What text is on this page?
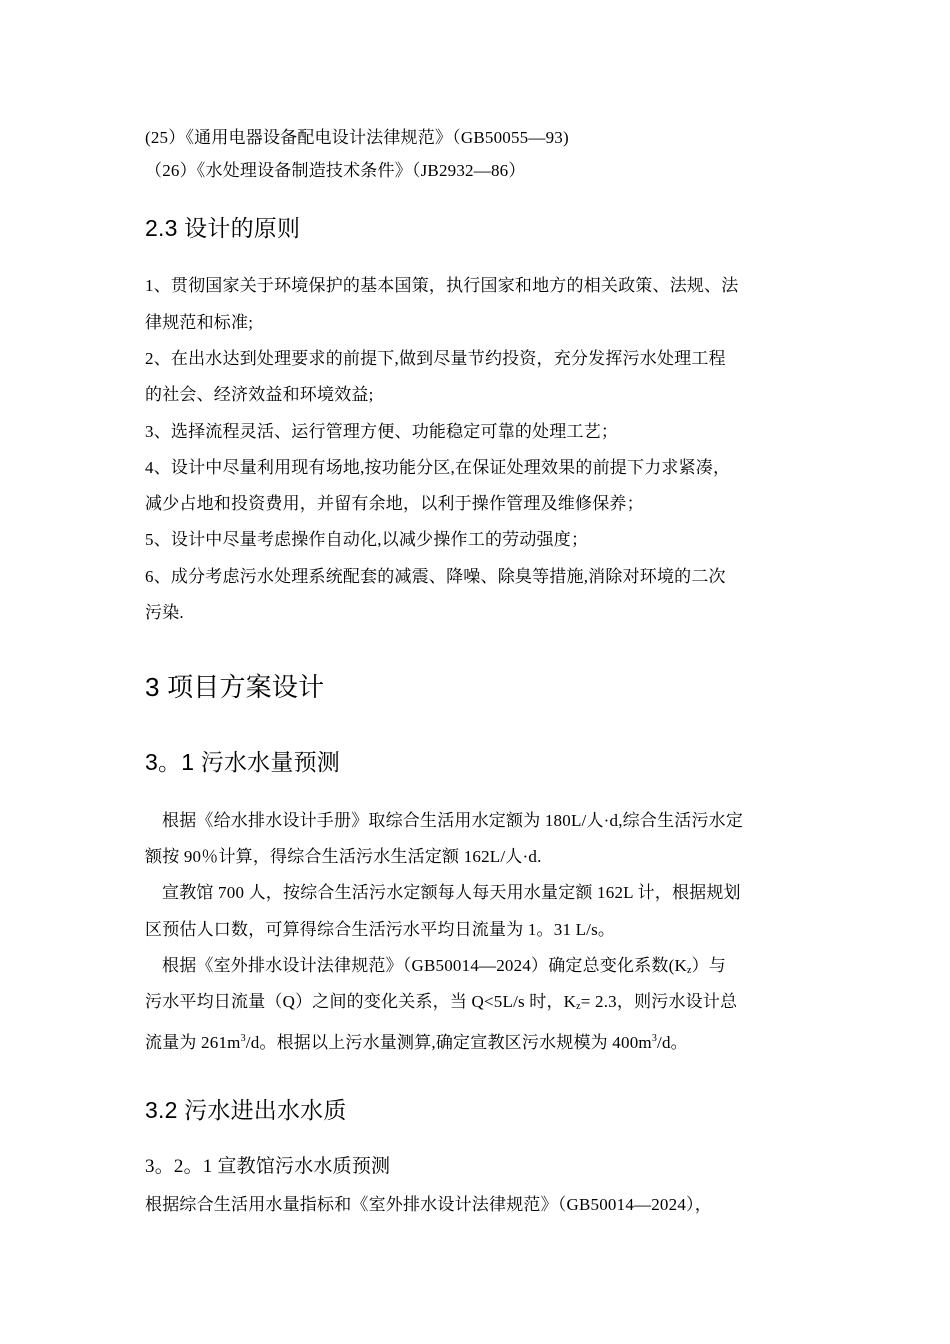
(25）《通用电器设备配电设计法律规范》（GB50055—93)
（26）《水处理设备制造技术条件》（JB2932—86）
2.3 设计的原则
1、贯彻国家关于环境保护的基本国策，执行国家和地方的相关政策、法规、法
律规范和标准;
2、在出水达到处理要求的前提下,做到尽量节约投资，充分发挥污水处理工程
的社会、经济效益和环境效益;
3、选择流程灵活、运行管理方便、功能稳定可靠的处理工艺；
4、设计中尽量利用现有场地,按功能分区,在保证处理效果的前提下力求紧凑，
减少占地和投资费用，并留有余地，以利于操作管理及维修保养；
5、设计中尽量考虑操作自动化,以减少操作工的劳动强度；
6、成分考虑污水处理系统配套的减震、降噪、除臭等措施,消除对环境的二次
污染.
3 项目方案设计
3。1 污水水量预测
根据《给水排水设计手册》取综合生活用水定额为 180L/人·d,综合生活污水定
额按 90％计算，得综合生活污水生活定额 162L/人·d.
宣教馆 700 人，按综合生活污水定额每人每天用水量定额 162L 计，根据规划
区预估人口数，可算得综合生活污水平均日流量为 1。31 L/s。
根据《室外排水设计法律规范》（GB50014—2024）确定总变化系数$(K_z)$与
污水平均日流量（Q）之间的变化关系，当 Q<5L/s 时，$K_z= 2.3$，则污水设计总
流量为 $261m^3/d$。根据以上污水量测算,确定宣教区污水规模为 $400m^3/d$。
3.2 污水进出水水质
3。2。1 宣教馆污水水质预测
根据综合生活用水量指标和《室外排水设计法律规范》（GB50014—2024），
